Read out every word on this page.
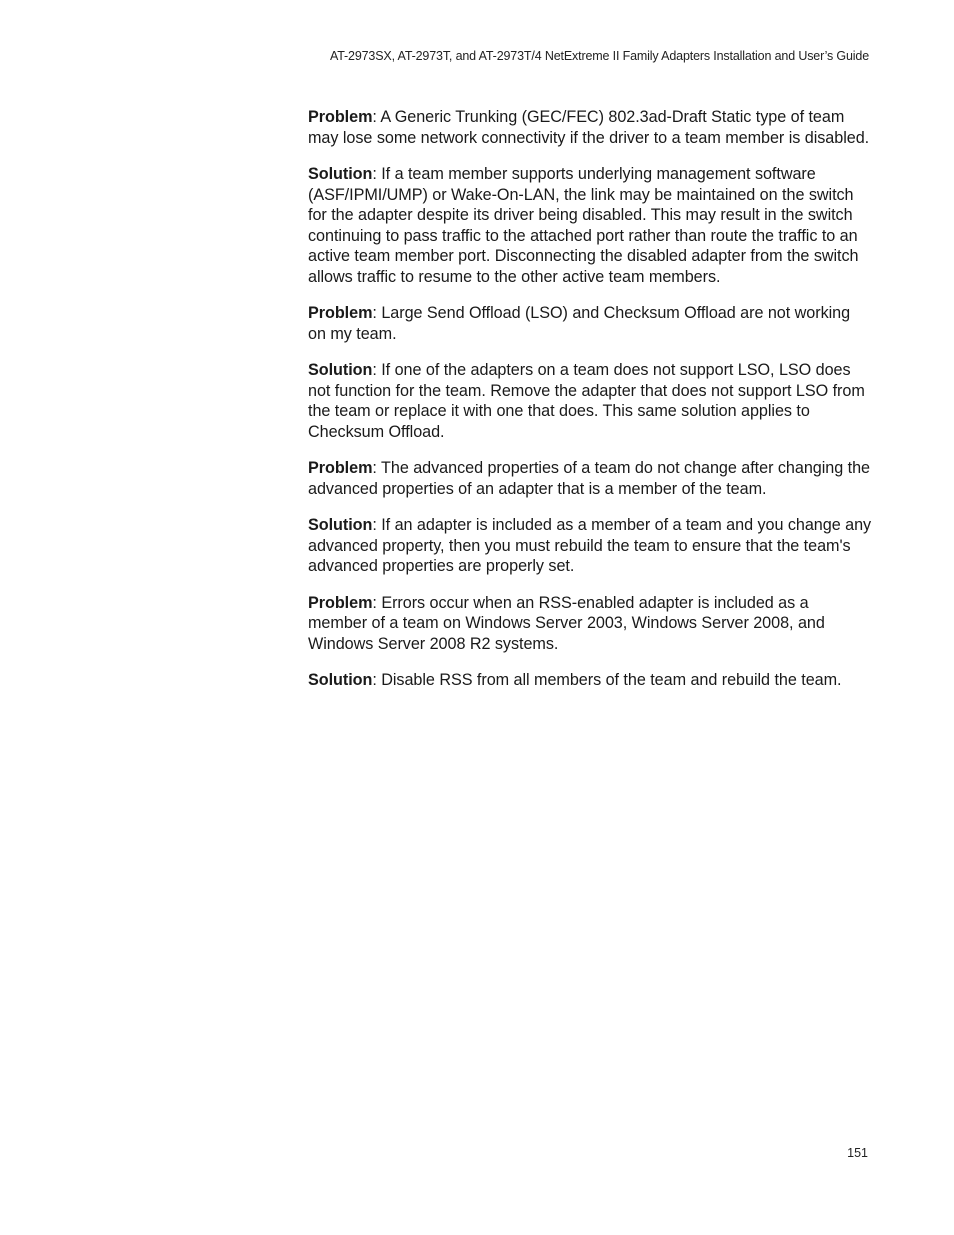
AT-2973SX, AT-2973T, and AT-2973T/4 NetExtreme II Family Adapters Installation and User’s Guide

Problem: A Generic Trunking (GEC/FEC) 802.3ad-Draft Static type of team may lose some network connectivity if the driver to a team member is disabled.

Solution: If a team member supports underlying management software (ASF/IPMI/UMP) or Wake-On-LAN, the link may be maintained on the switch for the adapter despite its driver being disabled. This may result in the switch continuing to pass traffic to the attached port rather than route the traffic to an active team member port. Disconnecting the disabled adapter from the switch allows traffic to resume to the other active team members.

Problem: Large Send Offload (LSO) and Checksum Offload are not working on my team.

Solution: If one of the adapters on a team does not support LSO, LSO does not function for the team. Remove the adapter that does not support LSO from the team or replace it with one that does. This same solution applies to Checksum Offload.

Problem: The advanced properties of a team do not change after changing the advanced properties of an adapter that is a member of the team.

Solution: If an adapter is included as a member of a team and you change any advanced property, then you must rebuild the team to ensure that the team's advanced properties are properly set.

Problem: Errors occur when an RSS-enabled adapter is included as a member of a team on Windows Server 2003, Windows Server 2008, and Windows Server 2008 R2 systems.

Solution: Disable RSS from all members of the team and rebuild the team.

151
